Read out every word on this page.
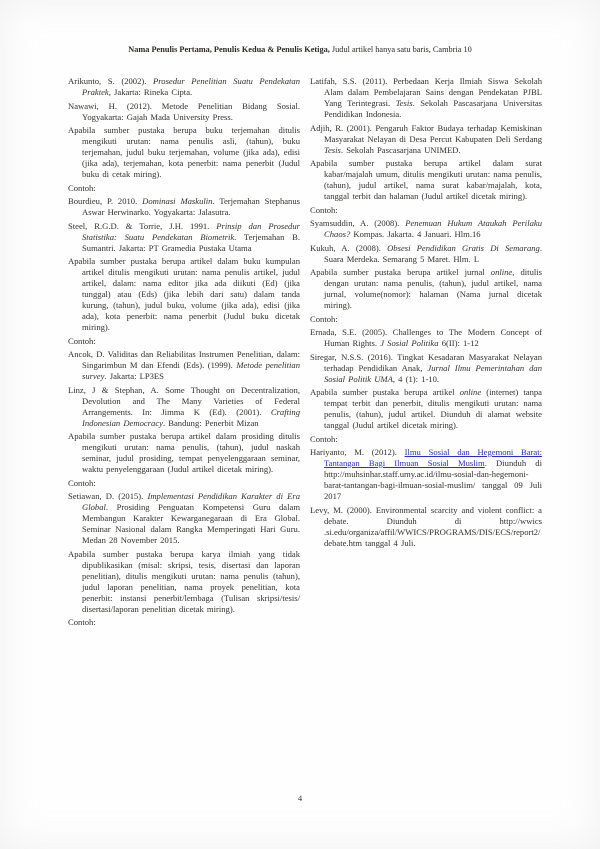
Nama Penulis Pertama, Penulis Kedua & Penulis Ketiga, Judul artikel hanya satu baris, Cambria 10
Arikunto, S. (2002). Prosedur Penelitian Suatu Pendekatan Praktek, Jakarta: Rineka Cipta.
Nawawi, H. (2012). Metode Penelitian Bidang Sosial. Yogyakarta: Gajah Mada University Press.
Apabila sumber pustaka berupa buku terjemahan ditulis mengikuti urutan: nama penulis asli, (tahun), buku terjemahan, judul buku terjemahan, volume (jika ada), edisi (jika ada), terjemahan, kota penerbit: nama penerbit (Judul buku di cetak miring).
Contoh:
Bourdieu, P. 2010. Dominasi Maskulin. Terjemahan Stephanus Aswar Herwinarko. Yogyakarta: Jalasutra.
Steel, R.G.D. & Torrie, J.H. 1991. Prinsip dan Prosedur Statistika: Suatu Pendekatan Biometrik. Terjemahan B. Sumantri. Jakarta: PT Gramedia Pustaka Utama
Apabila sumber pustaka berupa artikel dalam buku kumpulan artikel ditulis mengikuti urutan: nama penulis artikel, judul artikel, dalam: nama editor jika ada diikuti (Ed) (jika tunggal) atau (Eds) (jika lebih dari satu) dalam tanda kurung, (tahun), judul buku, volume (jika ada), edisi (jika ada), kota penerbit: nama penerbit (Judul buku dicetak miring).
Contoh:
Ancok, D. Validitas dan Reliabilitas Instrumen Penelitian, dalam: Singarimbun M dan Efendi (Eds). (1999). Metode penelitian survey. Jakarta: LP3ES
Linz, J & Stephan, A. Some Thought on Decentralization, Devolution and The Many Varieties of Federal Arrangements. In: Jimma K (Ed). (2001). Crafting Indonesian Democracy. Bandung: Penerbit Mizan
Apabila sumber pustaka berupa artikel dalam prosiding ditulis mengikuti urutan: nama penulis, (tahun), judul naskah seminar, judul prosiding, tempat penyelenggaraan seminar, waktu penyelenggaraan (Judul artikel dicetak miring).
Contoh:
Setiawan, D. (2015). Implementasi Pendidikan Karakter di Era Global. Prosiding Penguatan Kompetensi Guru dalam Membangun Karakter Kewarganegaraan di Era Global. Seminar Nasional dalam Rangka Memperingati Hari Guru. Medan 28 November 2015.
Apabila sumber pustaka berupa karya ilmiah yang tidak dipublikasikan (misal: skripsi, tesis, disertasi dan laporan penelitian), ditulis mengikuti urutan: nama penulis (tahun), judul laporan penelitian, nama proyek penelitian, kota penerbit: instansi penerbit/lembaga (Tulisan skripsi/tesis/ disertasi/laporan penelitian dicetak miring).
Contoh:
Latifah, S.S. (2011). Perbedaan Kerja Ilmiah Siswa Sekolah Alam dalam Pembelajaran Sains dengan Pendekatan PJBL Yang Terintegrasi. Tesis. Sekolah Pascasarjana Universitas Pendidikan Indonesia.
Adjih, R. (2001). Pengaruh Faktor Budaya terhadap Kemiskinan Masyarakat Nelayan di Desa Percut Kabupaten Deli Serdang Tesis. Sekolah Pascasarjana UNIMED.
Apabila sumber pustaka berupa artikel dalam surat kabar/majalah umum, ditulis mengikuti urutan: nama penulis, (tahun), judul artikel, nama surat kabar/majalah, kota, tanggal terbit dan halaman (Judul artikel dicetak miring).
Contoh:
Syamsuddin, A. (2008). Penemuan Hukum Ataukah Perilaku Chaos? Kompas. Jakarta. 4 Januari. Hlm.16
Kukuh, A. (2008). Obsesi Pendidikan Gratis Di Semarang. Suara Merdeka. Semarang 5 Maret. Hlm. L
Apabila sumber pustaka berupa artikel jurnal online, ditulis dengan urutan: nama penulis, (tahun), judul artikel, nama jurnal, volume(nomor): halaman (Nama jurnal dicetak miring).
Contoh:
Ernada, S.E. (2005). Challenges to The Modern Concept of Human Rights. J Sosial Politika 6(II): 1-12
Siregar, N.S.S. (2016). Tingkat Kesadaran Masyarakat Nelayan terhadap Pendidikan Anak, Jurnal Ilmu Pemerintahan dan Sosial Politik UMA, 4 (1): 1-10.
Apabila sumber pustaka berupa artikel online (internet) tanpa tempat terbit dan penerbit, ditulis mengikuti urutan: nama penulis, (tahun), judul artikel. Diunduh di alamat website tanggal (Judul artikel dicetak miring).
Contoh:
Hariyanto, M. (2012). Ilmu Sosial dan Hegemoni Barat: Tantangan Bagi Ilmuan Sosial Muslim. Diunduh di http://muhsinhar.staff.umy.ac.id/ilmu-sosial-dan-hegemoni-barat-tantangan-bagi-ilmuan-sosial-muslim/ tanggal 09 Juli 2017
Levy, M. (2000). Environmental scarcity and violent conflict: a debate. Diunduh di http://wwics .si.edu/organiza/affil/WWICS/PROGRAMS/DIS/ECS/report2/debate.htm tanggal 4 Juli.
4
